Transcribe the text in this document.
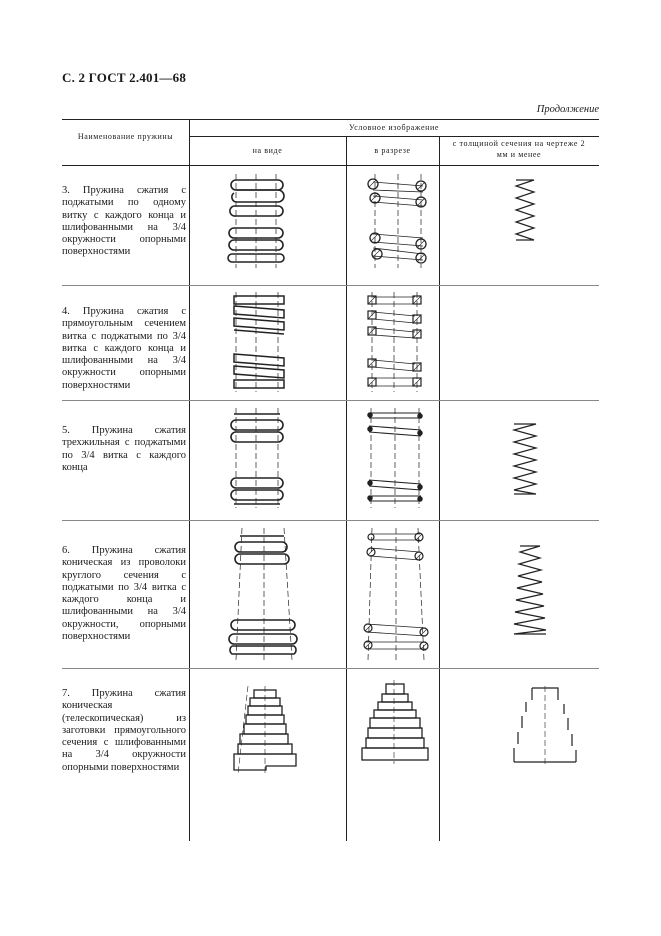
С. 2 ГОСТ 2.401—68
Продолжение
Наименование пружины
Условное изображение
на виде	в разрезе
с толщиной сечения на чертеже 2 мм и менее
3. Пружина сжатия с поджатыми по одному витку с каждого конца и шлифованными на 3/4 окружности опорными поверхностями
4. Пружина сжатия с прямоугольным сечением витка с поджатыми по 3/4 витка с каждого конца и шлифованными на 3/4 окружности опорными поверхностями
5. Пружина сжатия трехжильная с поджатыми по 3/4 витка с каждого конца
6. Пружина сжатия коническая из проволоки круглого сечения с поджатыми по 3/4 витка с каждого конца и шлифованными на 3/4 окружности, опорными поверхностями
7. Пружина сжатия коническая (телескопическая) из заготовки прямоугольного сечения с шлифованными на 3/4 окружности опорными поверхностями
